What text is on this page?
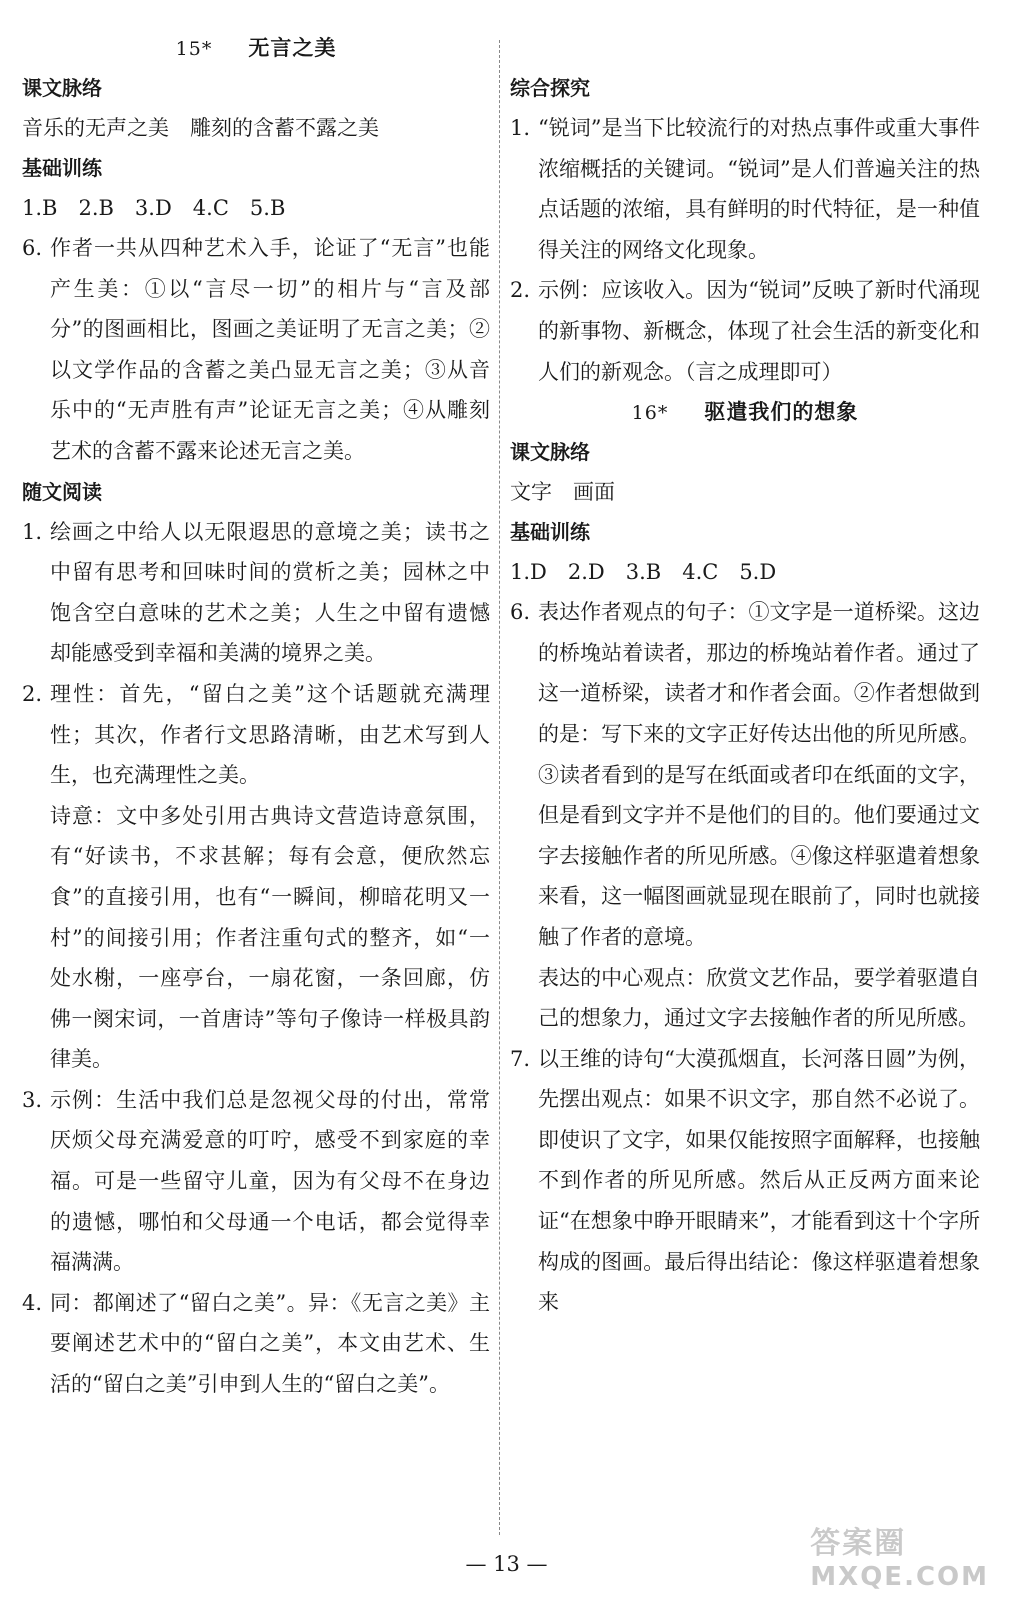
15* 无言之美
课文脉络
音乐的无声之美　雕刻的含蓄不露之美
基础训练
1.B　2.B　3.D　4.C　5.B
6. 作者一共从四种艺术入手，论证了“无言”也能产生美：①以“言尽一切”的相片与“言及部分”的图画相比，图画之美证明了无言之美；②以文学作品的含蓄之美凸显无言之美；③从音乐中的“无声胜有声”论证无言之美；④从雕刻艺术的含蓄不露来论述无言之美。
随文阅读
1. 绘画之中给人以无限遐思的意境之美；读书之中留有思考和回味时间的赏析之美；园林之中饱含空白意味的艺术之美；人生之中留有遗憾却能感受到幸福和美满的境界之美。
2. 理性：首先，“留白之美”这个话题就充满理性；其次，作者行文思路清晰，由艺术写到人生，也充满理性之美。
诗意：文中多处引用古典诗文营造诗意氛围，有“好读书，不求甚解；每有会意，便欣然忘食”的直接引用，也有“一瞬间，柳暗花明又一村”的间接引用；作者注重句式的整齐，如“一处水榭，一座亭台，一扇花窗，一条回廊，仿佛一阕宋词，一首唐诗”等句子像诗一样极具韵律美。
3. 示例：生活中我们总是忽视父母的付出，常常厌烦父母充满爱意的叮咛，感受不到家庭的幸福。可是一些留守儿童，因为有父母不在身边的遗憾，哪怕和父母通一个电话，都会觉得幸福满满。
4. 同：都阐述了“留白之美”。异：《无言之美》主要阐述艺术中的“留白之美”，本文由艺术、生活的“留白之美”引申到人生的“留白之美”。
综合探究
1. “锐词”是当下比较流行的对热点事件或重大事件浓缩概括的关键词。“锐词”是人们普遍关注的热点话题的浓缩，具有鲜明的时代特征，是一种值得关注的网络文化现象。
2. 示例：应该收入。因为“锐词”反映了新时代涌现的新事物、新概念，体现了社会生活的新变化和人们的新观念。（言之成理即可）
16* 驱遣我们的想象
课文脉络
文字　画面
基础训练
1.D　2.D　3.B　4.C　5.D
6. 表达作者观点的句子：①文字是一道桥梁。这边的桥堍站着读者，那边的桥堍站着作者。通过了这一道桥梁，读者才和作者会面。②作者想做到的是：写下来的文字正好传达出他的所见所感。③读者看到的是写在纸面或者印在纸面的文字，但是看到文字并不是他们的目的。他们要通过文字去接触作者的所见所感。④像这样驱遣着想象来看，这一幅图画就显现在眼前了，同时也就接触了作者的意境。
表达的中心观点：欣赏文艺作品，要学着驱遣自己的想象力，通过文字去接触作者的所见所感。
7. 以王维的诗句“大漠孤烟直，长河落日圆”为例，先摆出观点：如果不识文字，那自然不必说了。即使识了文字，如果仅能按照字面解释，也接触不到作者的所见所感。然后从正反两方面来论证“在想象中睁开眼睛来”，才能看到这十个字所构成的图画。最后得出结论：像这样驱遣着想象来
— 13 —
答案圈
MXQE.COM
